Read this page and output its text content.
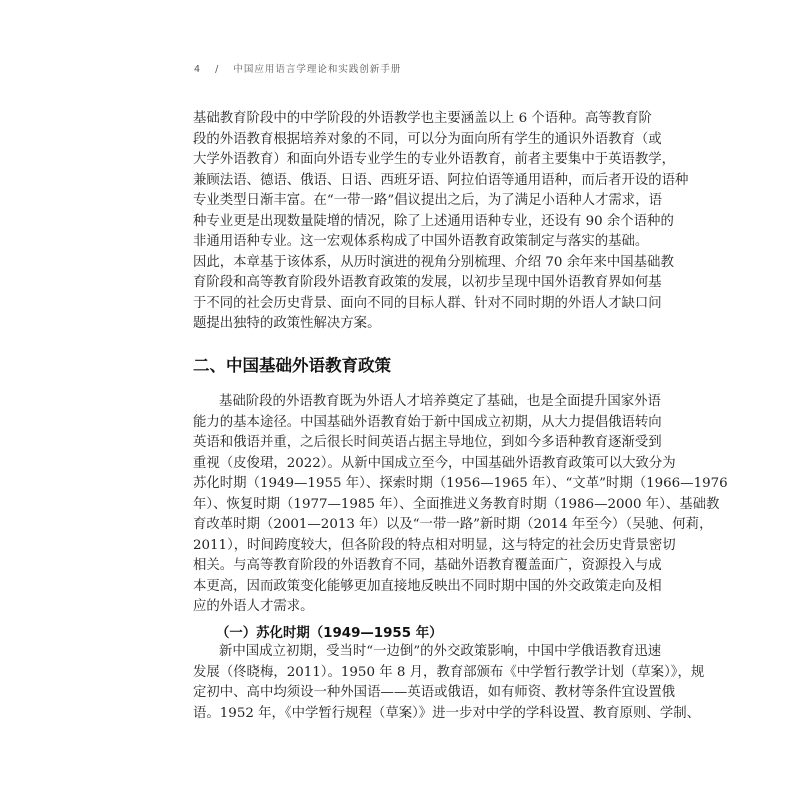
4 / 中国应用语言学理论和实践创新手册
基础教育阶段中的中学阶段的外语教学也主要涵盖以上 6 个语种。高等教育阶
段的外语教育根据培养对象的不同，可以分为面向所有学生的通识外语教育（或
大学外语教育）和面向外语专业学生的专业外语教育，前者主要集中于英语教学，
兼顾法语、德语、俄语、日语、西班牙语、阿拉伯语等通用语种，而后者开设的语种
专业类型日渐丰富。在“一带一路”倡议提出之后，为了满足小语种人才需求，语
种专业更是出现数量陡增的情况，除了上述通用语种专业，还设有 90 余个语种的
非通用语种专业。这一宏观体系构成了中国外语教育政策制定与落实的基础。
因此，本章基于该体系，从历时演进的视角分别梳理、介绍 70 余年来中国基础教
育阶段和高等教育阶段外语教育政策的发展，以初步呈现中国外语教育界如何基
于不同的社会历史背景、面向不同的目标人群、针对不同时期的外语人才缺口问
题提出独特的政策性解决方案。
二、中国基础外语教育政策
基础阶段的外语教育既为外语人才培养奠定了基础，也是全面提升国家外语
能力的基本途径。中国基础外语教育始于新中国成立初期，从大力提倡俄语转向
英语和俄语并重，之后很长时间英语占据主导地位，到如今多语种教育逐渐受到
重视（皮俊珺，2022）。从新中国成立至今，中国基础外语教育政策可以大致分为
苏化时期（1949—1955 年）、探索时期（1956—1965 年）、“文革”时期（1966—1976
年）、恢复时期（1977—1985 年）、全面推进义务教育时期（1986—2000 年）、基础教
育改革时期（2001—2013 年）以及“一带一路”新时期（2014 年至今）（吴驰、何莉，
2011），时间跨度较大，但各阶段的特点相对明显，这与特定的社会历史背景密切
相关。与高等教育阶段的外语教育不同，基础外语教育覆盖面广，资源投入与成
本更高，因而政策变化能够更加直接地反映出不同时期中国的外交政策走向及相
应的外语人才需求。
（一）苏化时期（1949—1955 年）
新中国成立初期，受当时“一边倒”的外交政策影响，中国中学俄语教育迅速
发展（佟晓梅，2011）。1950 年 8 月，教育部颁布《中学暂行教学计划（草案）》，规
定初中、高中均须设一种外国语——英语或俄语，如有师资、教材等条件宜设置俄
语。1952 年，《中学暂行规程（草案）》进一步对中学的学科设置、教育原则、学制、
